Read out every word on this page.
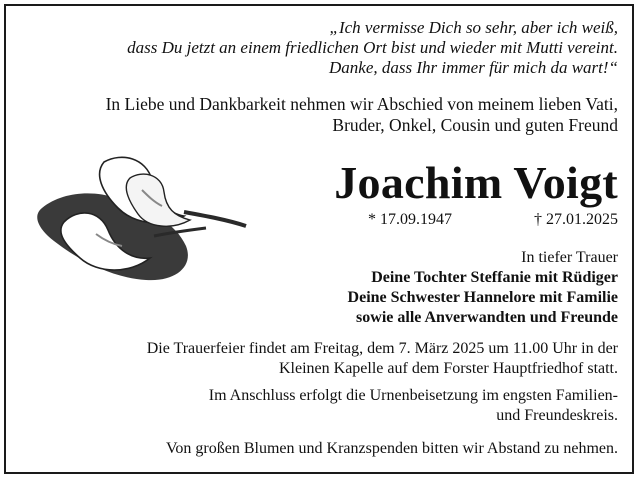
„Ich vermisse Dich so sehr, aber ich weiß,
dass Du jetzt an einem friedlichen Ort bist und wieder mit Mutti vereint.
Danke, dass Ihr immer für mich da wart!“
In Liebe und Dankbarkeit nehmen wir Abschied von meinem lieben Vati,
Bruder, Onkel, Cousin und guten Freund
Joachim Voigt
* 17.09.1947	† 27.01.2025
In tiefer Trauer
Deine Tochter Steffanie mit Rüdiger
Deine Schwester Hannelore mit Familie
sowie alle Anverwandten und Freunde
Die Trauerfeier findet am Freitag, dem 7. März 2025 um 11.00 Uhr in der
Kleinen Kapelle auf dem Forster Hauptfriedhof statt.
Im Anschluss erfolgt die Urnenbeisetzung im engsten Familien-
und Freundeskreis.
Von großen Blumen und Kranzspenden bitten wir Abstand zu nehmen.
